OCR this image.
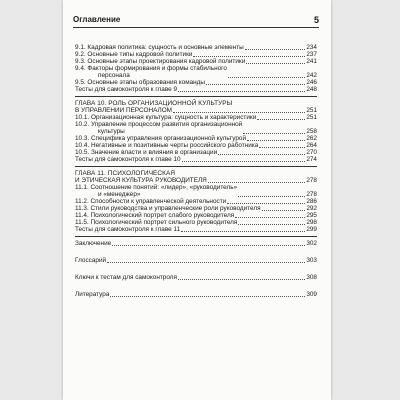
Оглавление	5
9.1. Кадровая политика: сущность и основные элементы	234
9.2. Основные типы кадровой политики	237
9.3. Основные этапы проектирования кадровой политики	241
9.4. Факторы формирования и формы стабильного
персонала	242
9.5. Основные этапы образования команды	246
Тесты для самоконтроля к главе 9	248
ГЛАВА 10. РОЛЬ ОРГАНИЗАЦИОННОЙ КУЛЬТУРЫ
В УПРАВЛЕНИИ ПЕРСОНАЛОМ	251
10.1. Организационная культура: сущность и характеристики	251
10.2. Управление процессом развития организационной
культуры	258
10.3. Специфика управления организационной культурой	262
10.4. Негативные и позитивные черты российского работника	264
10.5. Значение власти и влияния в организации	270
Тесты для самоконтроля к главе 10	274
ГЛАВА 11. ПСИХОЛОГИЧЕСКАЯ
И ЭТИЧЕСКАЯ КУЛЬТУРА РУКОВОДИТЕЛЯ	278
11.1. Соотношение понятий: «лидер», «руководитель»
и «менеджер»	278
11.2. Способности к управленческой деятельности	286
11.3. Стили руководства и управленческие роли руководителя	292
11.4. Психологический портрет слабого руководителя	295
11.5. Психологический портрет сильного руководителя	298
Тесты для самоконтроля к главе 11	299
Заключение	302
Глоссарий	303
Ключи к тестам для самоконтроля	308
Литература	309
